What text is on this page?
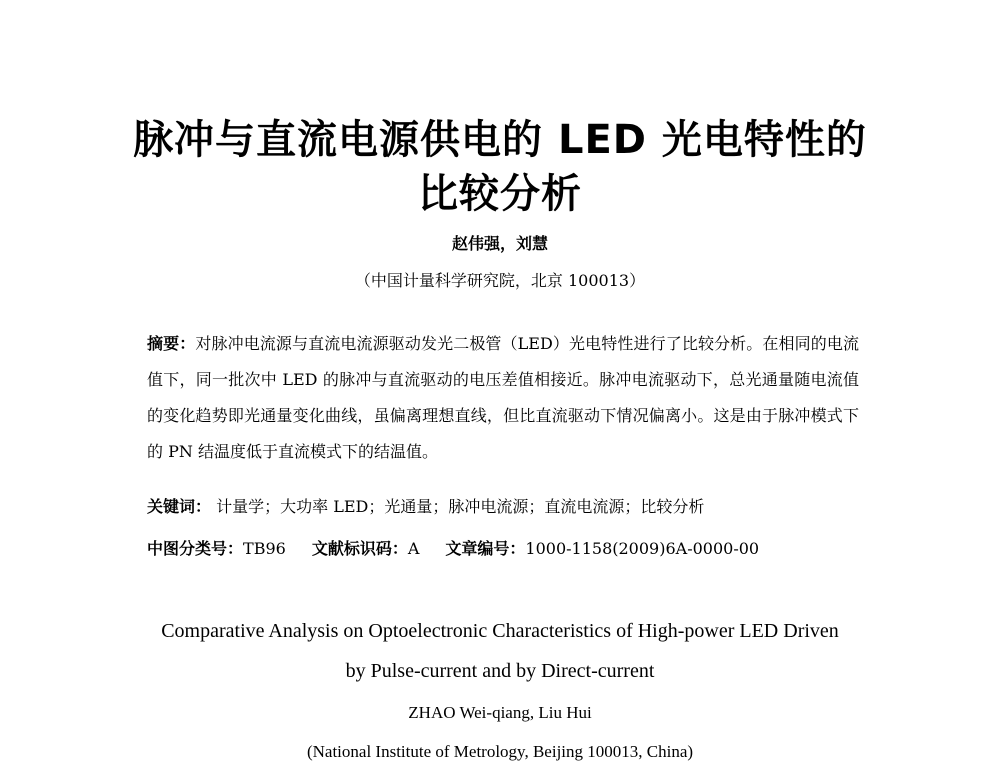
脉冲与直流电源供电的 LED 光电特性的
比较分析
赵伟强，刘慧
（中国计量科学研究院，北京 100013）
摘要：对脉冲电流源与直流电流源驱动发光二极管（LED）光电特性进行了比较分析。在相同的电流值下，同一批次中 LED 的脉冲与直流驱动的电压差值相接近。脉冲电流驱动下，总光通量随电流值的变化趋势即光通量变化曲线，虽偏离理想直线，但比直流驱动下情况偏离小。这是由于脉冲模式下的 PN 结温度低于直流模式下的结温值。
关键词： 计量学；大功率 LED；光通量；脉冲电流源；直流电流源；比较分析
中图分类号：TB96 文献标识码：A 文章编号：1000-1158(2009)6A-0000-00
Comparative Analysis on Optoelectronic Characteristics of High-power LED Driven
by Pulse-current and by Direct-current
ZHAO Wei-qiang, Liu Hui
(National Institute of Metrology, Beijing 100013, China)
